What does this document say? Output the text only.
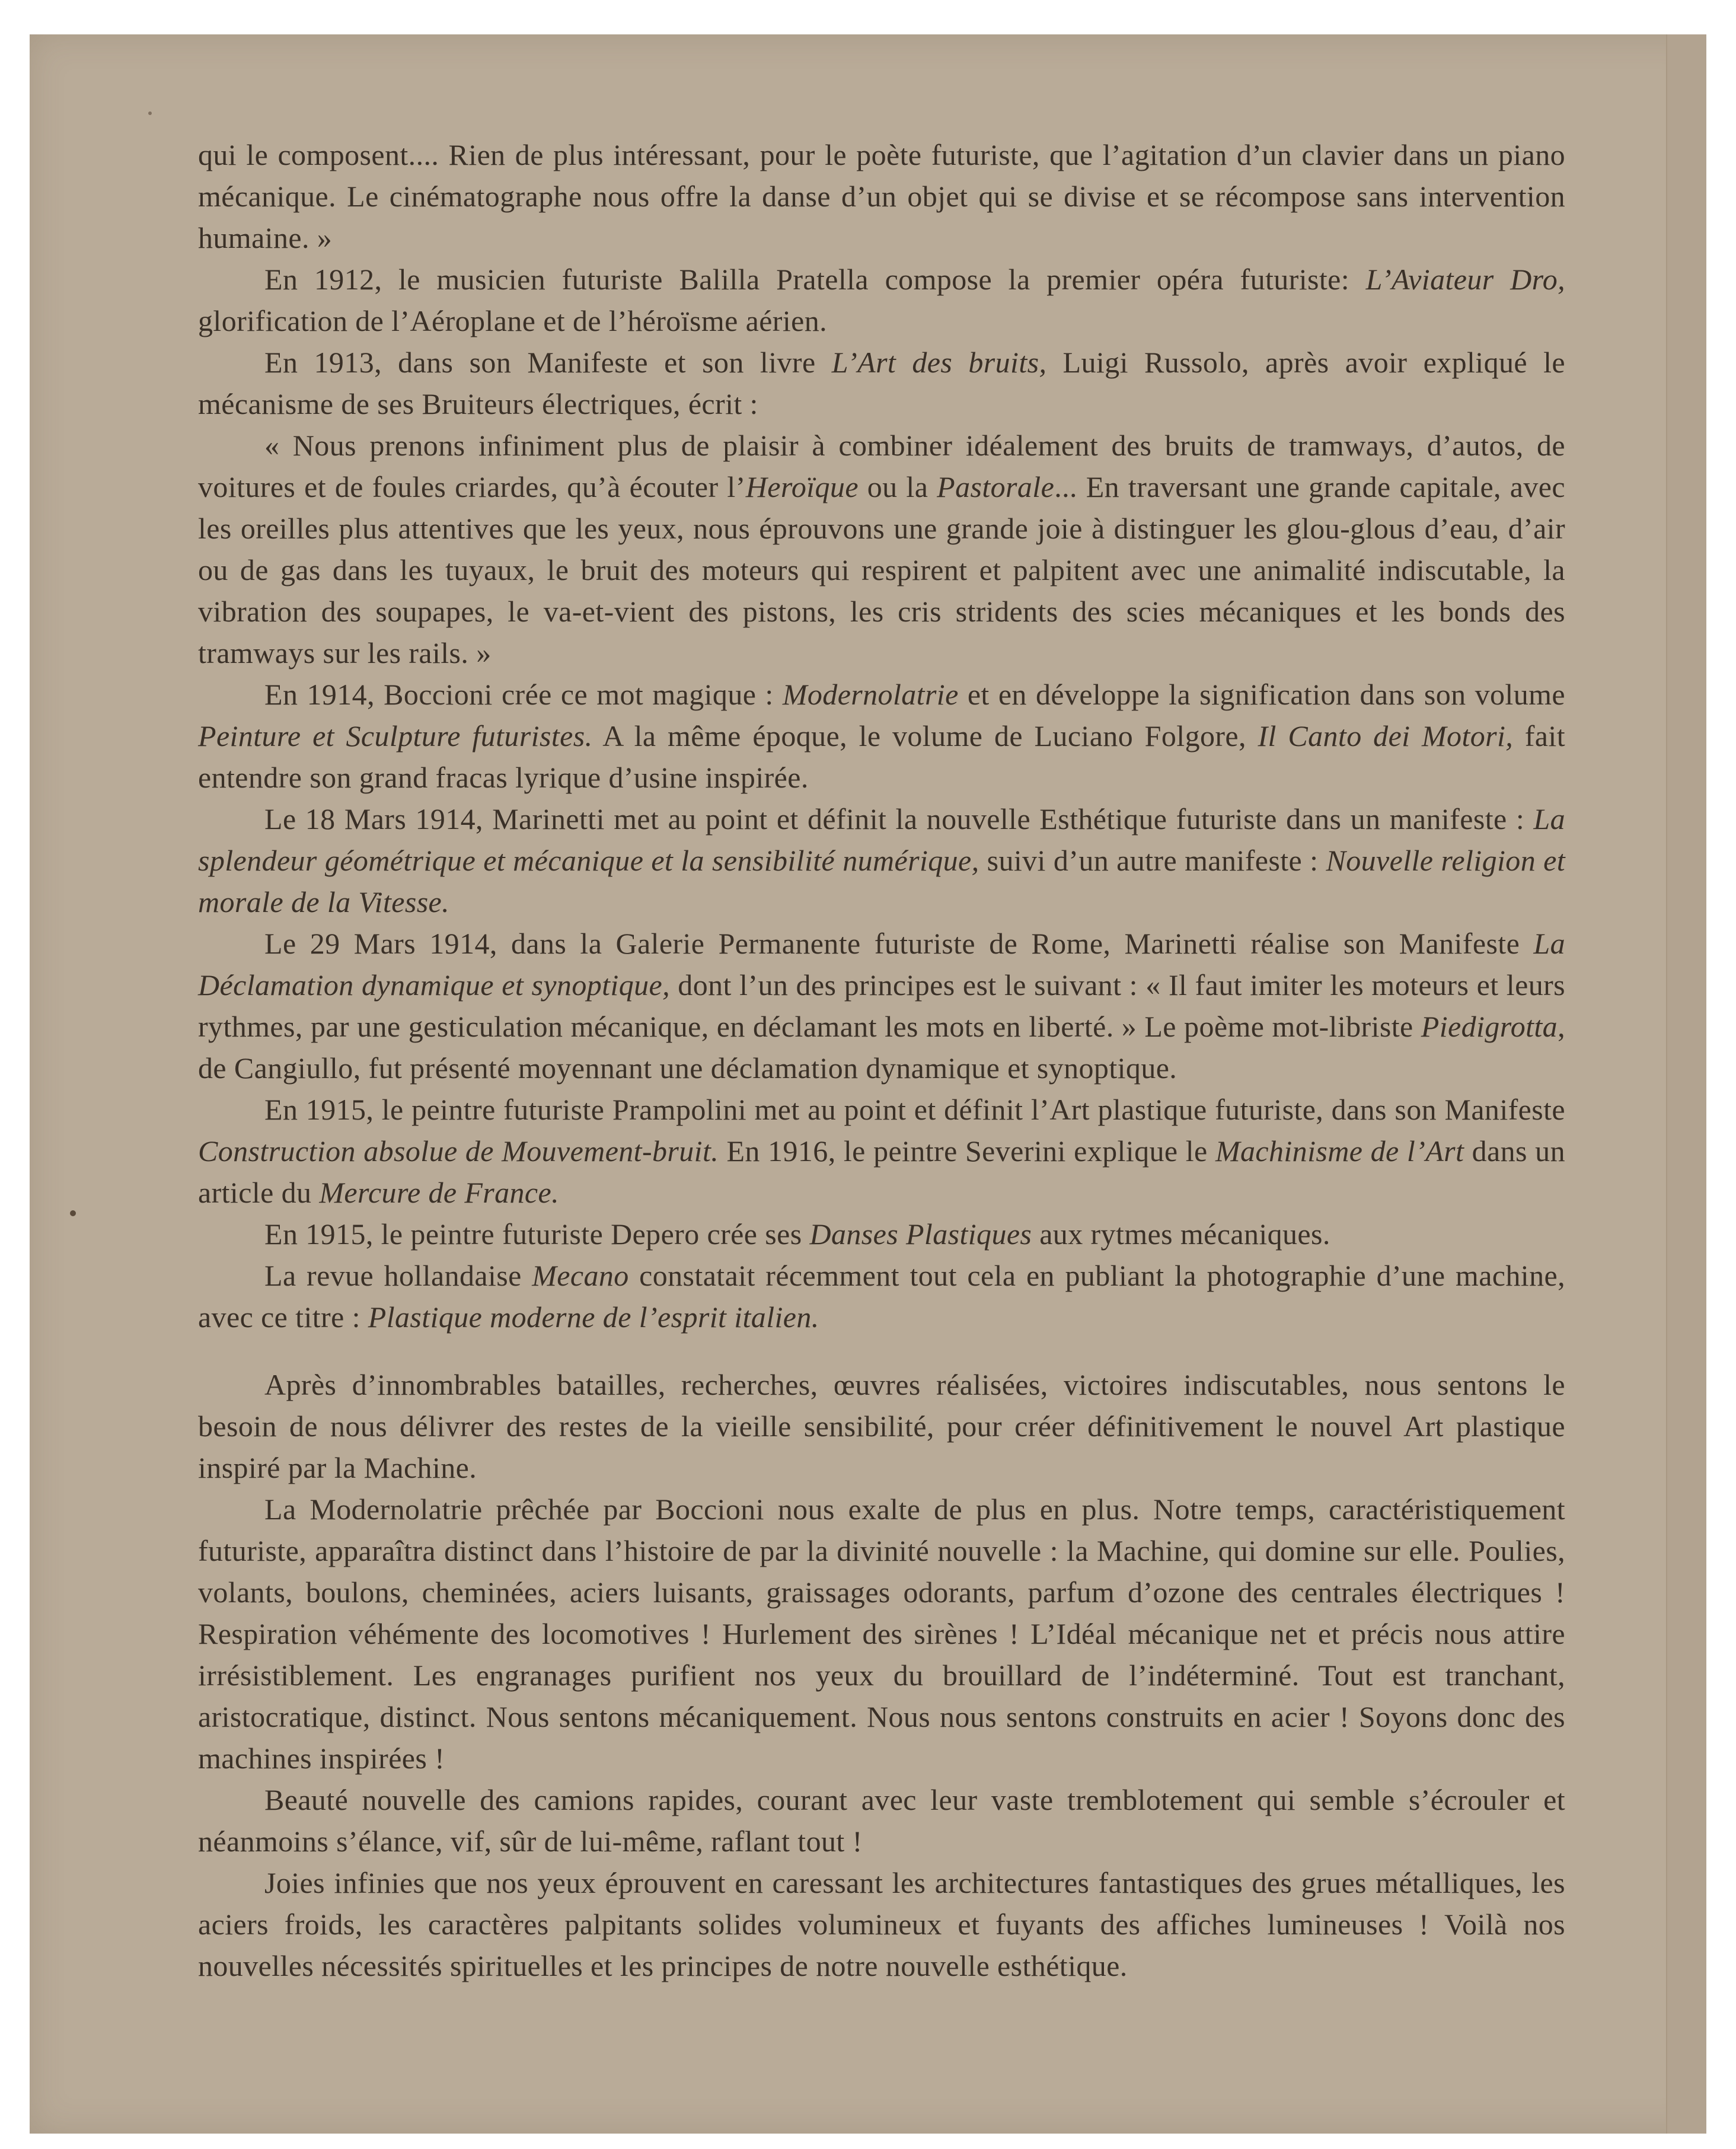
qui le composent.... Rien de plus intéressant, pour le poète futuriste, que l’agitation d’un clavier dans un piano mécanique. Le cinématographe nous offre la danse d’un objet qui se divise et se récompose sans intervention humaine. »

En 1912, le musicien futuriste Balilla Pratella compose la premier opéra futuriste: L’Aviateur Dro, glorification de l’Aéroplane et de l’héroïsme aérien.

En 1913, dans son Manifeste et son livre L’Art des bruits, Luigi Russolo, après avoir expliqué le mécanisme de ses Bruiteurs électriques, écrit :

« Nous prenons infiniment plus de plaisir à combiner idéalement des bruits de tramways, d’autos, de voitures et de foules criardes, qu’à écouter l’Heroïque ou la Pastorale... En traversant une grande capitale, avec les oreilles plus attentives que les yeux, nous éprouvons une grande joie à distinguer les glou-glous d’eau, d’air ou de gas dans les tuyaux, le bruit des moteurs qui respirent et palpitent avec une animalité indiscutable, la vibration des soupapes, le va-et-vient des pistons, les cris stridents des scies mécaniques et les bonds des tramways sur les rails. »

En 1914, Boccioni crée ce mot magique : Modernolatrie et en développe la signification dans son volume Peinture et Sculpture futuristes. A la même époque, le volume de Luciano Folgore, Il Canto dei Motori, fait entendre son grand fracas lyrique d’usine inspirée.

Le 18 Mars 1914, Marinetti met au point et définit la nouvelle Esthétique futuriste dans un manifeste : La splendeur géométrique et mécanique et la sensibilité numérique, suivi d’un autre manifeste : Nouvelle religion et morale de la Vitesse.

Le 29 Mars 1914, dans la Galerie Permanente futuriste de Rome, Marinetti réalise son Manifeste La Déclamation dynamique et synoptique, dont l’un des principes est le suivant : « Il faut imiter les moteurs et leurs rythmes, par une gesticulation mécanique, en déclamant les mots en liberté. » Le poème mot-libriste Piedigrotta, de Cangiullo, fut présenté moyennant une déclamation dynamique et synoptique.

En 1915, le peintre futuriste Prampolini met au point et définit l’Art plastique futuriste, dans son Manifeste Construction absolue de Mouvement-bruit. En 1916, le peintre Severini explique le Machinisme de l’Art dans un article du Mercure de France.

En 1915, le peintre futuriste Depero crée ses Danses Plastiques aux rytmes mécaniques.

La revue hollandaise Mecano constatait récemment tout cela en publiant la photographie d’une machine, avec ce titre : Plastique moderne de l’esprit italien.

Après d’innombrables batailles, recherches, œuvres réalisées, victoires indiscutables, nous sentons le besoin de nous délivrer des restes de la vieille sensibilité, pour créer définitivement le nouvel Art plastique inspiré par la Machine.

La Modernolatrie prêchée par Boccioni nous exalte de plus en plus. Notre temps, caractéristiquement futuriste, apparaîtra distinct dans l’histoire de par la divinité nouvelle : la Machine, qui domine sur elle. Poulies, volants, boulons, cheminées, aciers luisants, graissages odorants, parfum d’ozone des centrales électriques ! Respiration véhémente des locomotives ! Hurlement des sirènes ! L’Idéal mécanique net et précis nous attire irrésistiblement. Les engranages purifient nos yeux du brouillard de l’indéterminé. Tout est tranchant, aristocratique, distinct. Nous sentons mécaniquement. Nous nous sentons construits en acier ! Soyons donc des machines inspirées !

Beauté nouvelle des camions rapides, courant avec leur vaste tremblotement qui semble s’écrouler et néanmoins s’élance, vif, sûr de lui-même, raflant tout !

Joies infinies que nos yeux éprouvent en caressant les architectures fantastiques des grues métalliques, les aciers froids, les caractères palpitants solides volumineux et fuyants des affiches lumineuses ! Voilà nos nouvelles nécessités spirituelles et les principes de notre nouvelle esthétique.
